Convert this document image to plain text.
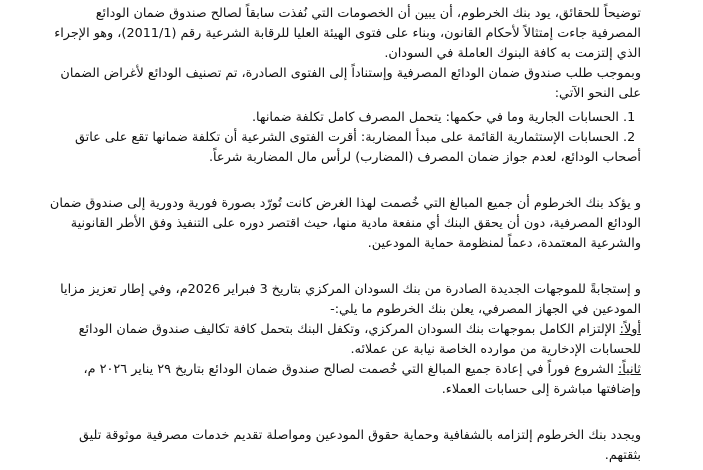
توضيحاً للحقائق، يود بنك الخرطوم، أن يبين أن الخصومات التي نُفذت سابقاً لصالح صندوق ضمان الودائع
المصرفية جاءت إمتثالاً لأحكام القانون، وبناء على فتوى الهيئة العليا للرقابة الشرعية رقم (2011/1)، وهو الإجراء
الذي إلتزمت به كافة البنوك العاملة في السودان.

وبموجب طلب صندوق ضمان الودائع المصرفية وإستناداً إلى الفتوى الصادرة، تم تصنيف الودائع لأغراض الضمان
على النحو الآتي:

1. الحسابات الجارية وما في حكمها: يتحمل المصرف كامل تكلفة ضمانها.
2. الحسابات الإستثمارية القائمة على مبدأ المضاربة: أقرت الفتوى الشرعية أن تكلفة ضمانها تقع على عاتق
أصحاب الودائع، لعدم جواز ضمان المصرف (المضارب) لرأس مال المضاربة شرعاً.

و يؤكد بنك الخرطوم أن جميع المبالغ التي خُصمت لهذا الغرض كانت تُورّد بصورة فورية ودورية إلى صندوق ضمان
الودائع المصرفية، دون أن يحقق البنك أي منفعة مادية منها، حيث اقتصر دوره على التنفيذ وفق الأطر القانونية
والشرعية المعتمدة، دعماً لمنظومة حماية المودعين.

و إستجابةً للموجهات الجديدة الصادرة من بنك السودان المركزي بتاريخ 3 فبراير 2026م، وفي إطار تعزيز مزايا
المودعين في الجهاز المصرفي، يعلن بنك الخرطوم ما يلي:-

أولاً: الإلتزام الكامل بموجهات بنك السودان المركزي، وتكفل البنك بتحمل كافة تكاليف صندوق ضمان الودائع
للحسابات الإدخارية من موارده الخاصة نيابة عن عملائه.

ثانياً: الشروع فوراً في إعادة جميع المبالغ التي خُصمت لصالح صندوق ضمان الودائع بتاريخ ٢٩ يناير ٢٠٢٦ م،
وإضافتها مباشرة إلى حسابات العملاء.

ويجدد بنك الخرطوم إلتزامه بالشفافية وحماية حقوق المودعين ومواصلة تقديم خدمات مصرفية موثوقة تليق
بثقتهم.
